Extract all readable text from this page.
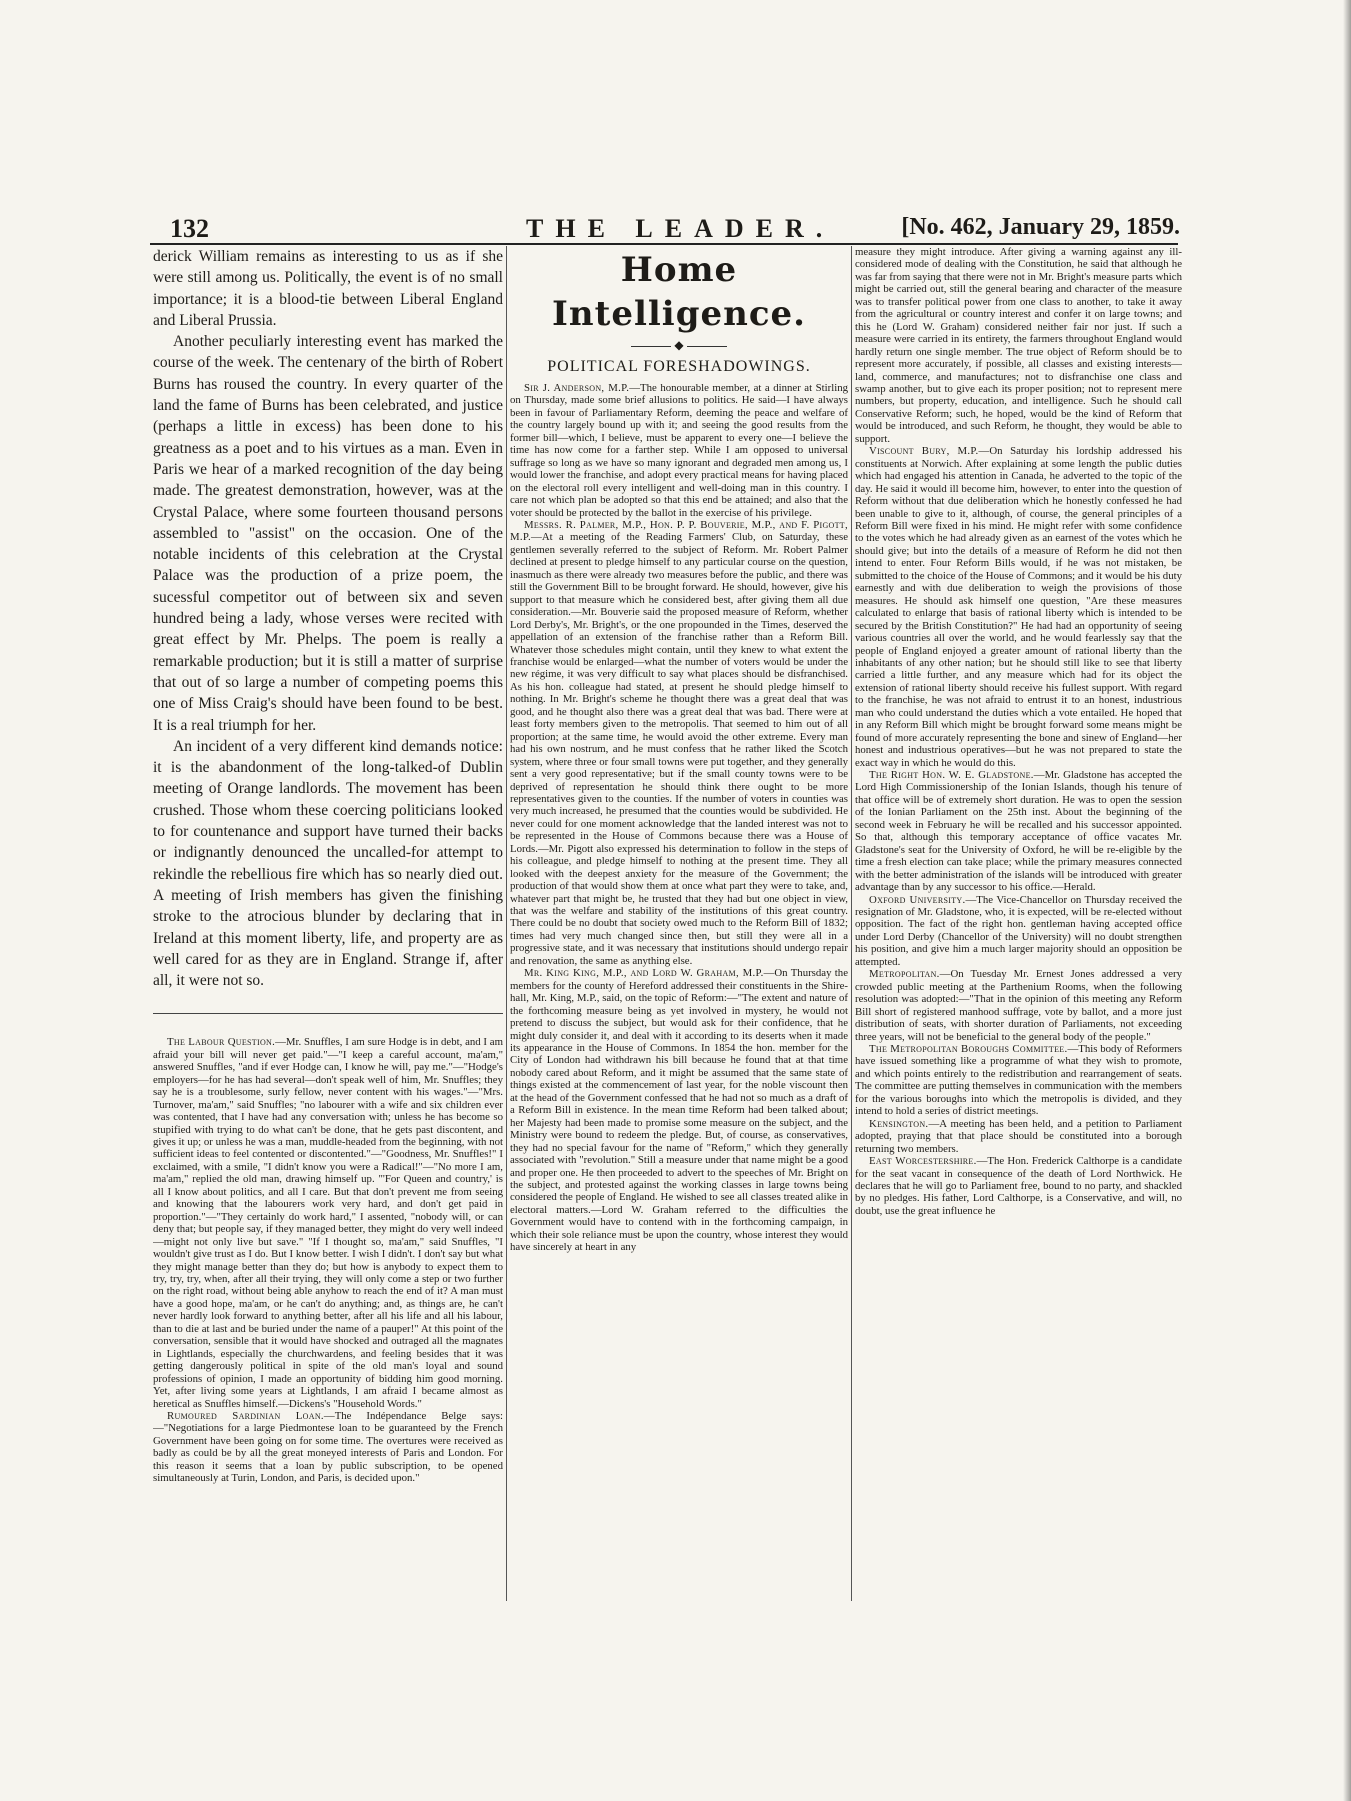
132	THE LEADER.	[No. 462, January 29, 1859.

derick William remains as interesting to us as if she were still among us. Politically, the event is of no small importance; it is a blood-tie between Liberal England and Liberal Prussia.

Another peculiarly interesting event has marked the course of the week. The centenary of the birth of Robert Burns has roused the country. In every quarter of the land the fame of Burns has been celebrated, and justice (perhaps a little in excess) has been done to his greatness as a poet and to his virtues as a man. Even in Paris we hear of a marked recognition of the day being made. The greatest demonstration, however, was at the Crystal Palace, where some fourteen thousand persons assembled to "assist" on the occasion. One of the notable incidents of this celebration at the Crystal Palace was the production of a prize poem, the sucessful competitor out of between six and seven hundred being a lady, whose verses were recited with great effect by Mr. Phelps. The poem is really a remarkable production; but it is still a matter of surprise that out of so large a number of competing poems this one of Miss Craig's should have been found to be best. It is a real triumph for her.

An incident of a very different kind demands notice: it is the abandonment of the long-talked-of Dublin meeting of Orange landlords. The movement has been crushed. Those whom these coercing politicians looked to for countenance and support have turned their backs or indignantly denounced the uncalled-for attempt to rekindle the rebellious fire which has so nearly died out. A meeting of Irish members has given the finishing stroke to the atrocious blunder by declaring that in Ireland at this moment liberty, life, and property are as well cared for as they are in England. Strange if, after all, it were not so.

The Labour Question.—Mr. Snuffles, I am sure Hodge is in debt, and I am afraid your bill will never get paid."—"I keep a careful account, ma'am," answered Snuffles, "and if ever Hodge can, I know he will, pay me."—"Hodge's employers—for he has had several—don't speak well of him, Mr. Snuffles; they say he is a troublesome, surly fellow, never content with his wages."—"Mrs. Turnover, ma'am," said Snuffles; "no labourer with a wife and six children ever was contented, that I have had any conversation with; unless he has become so stupified with trying to do what can't be done, that he gets past discontent, and gives it up; or unless he was a man, muddle-headed from the beginning, with not sufficient ideas to feel contented or discontented."—"Goodness, Mr. Snuffles!" I exclaimed, with a smile, "I didn't know you were a Radical!"—"No more I am, ma'am," replied the old man, drawing himself up. "'For Queen and country,' is all I know about politics, and all I care. But that don't prevent me from seeing and knowing that the labourers work very hard, and don't get paid in proportion."—"They certainly do work hard," I assented, "nobody will, or can deny that; but people say, if they managed better, they might do very well indeed—might not only live but save." "If I thought so, ma'am," said Snuffles, "I wouldn't give trust as I do. But I know better. I wish I didn't. I don't say but what they might manage better than they do; but how is anybody to expect them to try, try, try, when, after all their trying, they will only come a step or two further on the right road, without being able anyhow to reach the end of it? A man must have a good hope, ma'am, or he can't do anything; and, as things are, he can't never hardly look forward to anything better, after all his life and all his labour, than to die at last and be buried under the name of a pauper!" At this point of the conversation, sensible that it would have shocked and outraged all the magnates in Lightlands, especially the churchwardens, and feeling besides that it was getting dangerously political in spite of the old man's loyal and sound professions of opinion, I made an opportunity of bidding him good morning. Yet, after living some years at Lightlands, I am afraid I became almost as heretical as Snuffles himself.—Dickens's "Household Words."

Rumoured Sardinian Loan.—The Indépendance Belge says:—"Negotiations for a large Piedmontese loan to be guaranteed by the French Government have been going on for some time. The overtures were received as badly as could be by all the great moneyed interests of Paris and London. For this reason it seems that a loan by public subscription, to be opened simultaneously at Turin, London, and Paris, is decided upon."

Home Intelligence.
◆
POLITICAL FORESHADOWINGS.

Sir J. Anderson, M.P.—The honourable member, at a dinner at Stirling on Thursday, made some brief allusions to politics. He said—I have always been in favour of Parliamentary Reform, deeming the peace and welfare of the country largely bound up with it; and seeing the good results from the former bill—which, I believe, must be apparent to every one—I believe the time has now come for a farther step. While I am opposed to universal suffrage so long as we have so many ignorant and degraded men among us, I would lower the franchise, and adopt every practical means for having placed on the electoral roll every intelligent and well-doing man in this country. I care not which plan be adopted so that this end be attained; and also that the voter should be protected by the ballot in the exercise of his privilege.

Messrs. R. Palmer, M.P., Hon. P. P. Bouverie, M.P., and F. Pigott, M.P.—At a meeting of the Reading Farmers' Club, on Saturday, these gentlemen severally referred to the subject of Reform. Mr. Robert Palmer declined at present to pledge himself to any particular course on the question, inasmuch as there were already two measures before the public, and there was still the Government Bill to be brought forward. He should, however, give his support to that measure which he considered best, after giving them all due consideration.—Mr. Bouverie said the proposed measure of Reform, whether Lord Derby's, Mr. Bright's, or the one propounded in the Times, deserved the appellation of an extension of the franchise rather than a Reform Bill. Whatever those schedules might contain, until they knew to what extent the franchise would be enlarged—what the number of voters would be under the new régime, it was very difficult to say what places should be disfranchised. As his hon. colleague had stated, at present he should pledge himself to nothing. In Mr. Bright's scheme he thought there was a great deal that was good, and he thought also there was a great deal that was bad. There were at least forty members given to the metropolis. That seemed to him out of all proportion; at the same time, he would avoid the other extreme. Every man had his own nostrum, and he must confess that he rather liked the Scotch system, where three or four small towns were put together, and they generally sent a very good representative; but if the small county towns were to be deprived of representation he should think there ought to be more representatives given to the counties. If the number of voters in counties was very much increased, he presumed that the counties would be subdivided. He never could for one moment acknowledge that the landed interest was not to be represented in the House of Commons because there was a House of Lords.—Mr. Pigott also expressed his determination to follow in the steps of his colleague, and pledge himself to nothing at the present time. They all looked with the deepest anxiety for the measure of the Government; the production of that would show them at once what part they were to take, and, whatever part that might be, he trusted that they had but one object in view, that was the welfare and stability of the institutions of this great country. There could be no doubt that society owed much to the Reform Bill of 1832; times had very much changed since then, but still they were all in a progressive state, and it was necessary that institutions should undergo repair and renovation, the same as anything else.

Mr. King King, M.P., and Lord W. Graham, M.P.—On Thursday the members for the county of Hereford addressed their constituents in the Shire-hall, Mr. King, M.P., said, on the topic of Reform:—"The extent and nature of the forthcoming measure being as yet involved in mystery, he would not pretend to discuss the subject, but would ask for their confidence, that he might duly consider it, and deal with it according to its deserts when it made its appearance in the House of Commons. In 1854 the hon. member for the City of London had withdrawn his bill because he found that at that time nobody cared about Reform, and it might be assumed that the same state of things existed at the commencement of last year, for the noble viscount then at the head of the Government confessed that he had not so much as a draft of a Reform Bill in existence. In the mean time Reform had been talked about; her Majesty had been made to promise some measure on the subject, and the Ministry were bound to redeem the pledge. But, of course, as conservatives, they had no special favour for the name of "Reform," which they generally associated with "revolution." Still a measure under that name might be a good and proper one. He then proceeded to advert to the speeches of Mr. Bright on the subject, and protested against the working classes in large towns being considered the people of England. He wished to see all classes treated alike in electoral matters.—Lord W. Graham referred to the difficulties the Government would have to contend with in the forthcoming campaign, in which their sole reliance must be upon the country, whose interest they would have sincerely at heart in any

measure they might introduce. After giving a warning against any ill-considered mode of dealing with the Constitution, he said that although he was far from saying that there were not in Mr. Bright's measure parts which might be carried out, still the general bearing and character of the measure was to transfer political power from one class to another, to take it away from the agricultural or country interest and confer it on large towns; and this he (Lord W. Graham) considered neither fair nor just. If such a measure were carried in its entirety, the farmers throughout England would hardly return one single member. The true object of Reform should be to represent more accurately, if possible, all classes and existing interests—land, commerce, and manufactures; not to disfranchise one class and swamp another, but to give each its proper position; not to represent mere numbers, but property, education, and intelligence. Such he should call Conservative Reform; such, he hoped, would be the kind of Reform that would be introduced, and such Reform, he thought, they would be able to support.

Viscount Bury, M.P.—On Saturday his lordship addressed his constituents at Norwich. After explaining at some length the public duties which had engaged his attention in Canada, he adverted to the topic of the day. He said it would ill become him, however, to enter into the question of Reform without that due deliberation which he honestly confessed he had been unable to give to it, although, of course, the general principles of a Reform Bill were fixed in his mind. He might refer with some confidence to the votes which he had already given as an earnest of the votes which he should give; but into the details of a measure of Reform he did not then intend to enter. Four Reform Bills would, if he was not mistaken, be submitted to the choice of the House of Commons; and it would be his duty earnestly and with due deliberation to weigh the provisions of those measures. He should ask himself one question, "Are these measures calculated to enlarge that basis of rational liberty which is intended to be secured by the British Constitution?" He had had an opportunity of seeing various countries all over the world, and he would fearlessly say that the people of England enjoyed a greater amount of rational liberty than the inhabitants of any other nation; but he should still like to see that liberty carried a little further, and any measure which had for its object the extension of rational liberty should receive his fullest support. With regard to the franchise, he was not afraid to entrust it to an honest, industrious man who could understand the duties which a vote entailed. He hoped that in any Reform Bill which might be brought forward some means might be found of more accurately representing the bone and sinew of England—her honest and industrious operatives—but he was not prepared to state the exact way in which he would do this.

The Right Hon. W. E. Gladstone.—Mr. Gladstone has accepted the Lord High Commissionership of the Ionian Islands, though his tenure of that office will be of extremely short duration. He was to open the session of the Ionian Parliament on the 25th inst. About the beginning of the second week in February he will be recalled and his successor appointed. So that, although this temporary acceptance of office vacates Mr. Gladstone's seat for the University of Oxford, he will be re-eligible by the time a fresh election can take place; while the primary measures connected with the better administration of the islands will be introduced with greater advantage than by any successor to his office.—Herald.

Oxford University.—The Vice-Chancellor on Thursday received the resignation of Mr. Gladstone, who, it is expected, will be re-elected without opposition. The fact of the right hon. gentleman having accepted office under Lord Derby (Chancellor of the University) will no doubt strengthen his position, and give him a much larger majority should an opposition be attempted.

Metropolitan.—On Tuesday Mr. Ernest Jones addressed a very crowded public meeting at the Parthenium Rooms, when the following resolution was adopted:—"That in the opinion of this meeting any Reform Bill short of registered manhood suffrage, vote by ballot, and a more just distribution of seats, with shorter duration of Parliaments, not exceeding three years, will not be beneficial to the general body of the people."

The Metropolitan Boroughs Committee.—This body of Reformers have issued something like a programme of what they wish to promote, and which points entirely to the redistribution and rearrangement of seats. The committee are putting themselves in communication with the members for the various boroughs into which the metropolis is divided, and they intend to hold a series of district meetings.

Kensington.—A meeting has been held, and a petition to Parliament adopted, praying that that place should be constituted into a borough returning two members.

East Worcestershire.—The Hon. Frederick Calthorpe is a candidate for the seat vacant in consequence of the death of Lord Northwick. He declares that he will go to Parliament free, bound to no party, and shackled by no pledges. His father, Lord Calthorpe, is a Conservative, and will, no doubt, use the great influence he
